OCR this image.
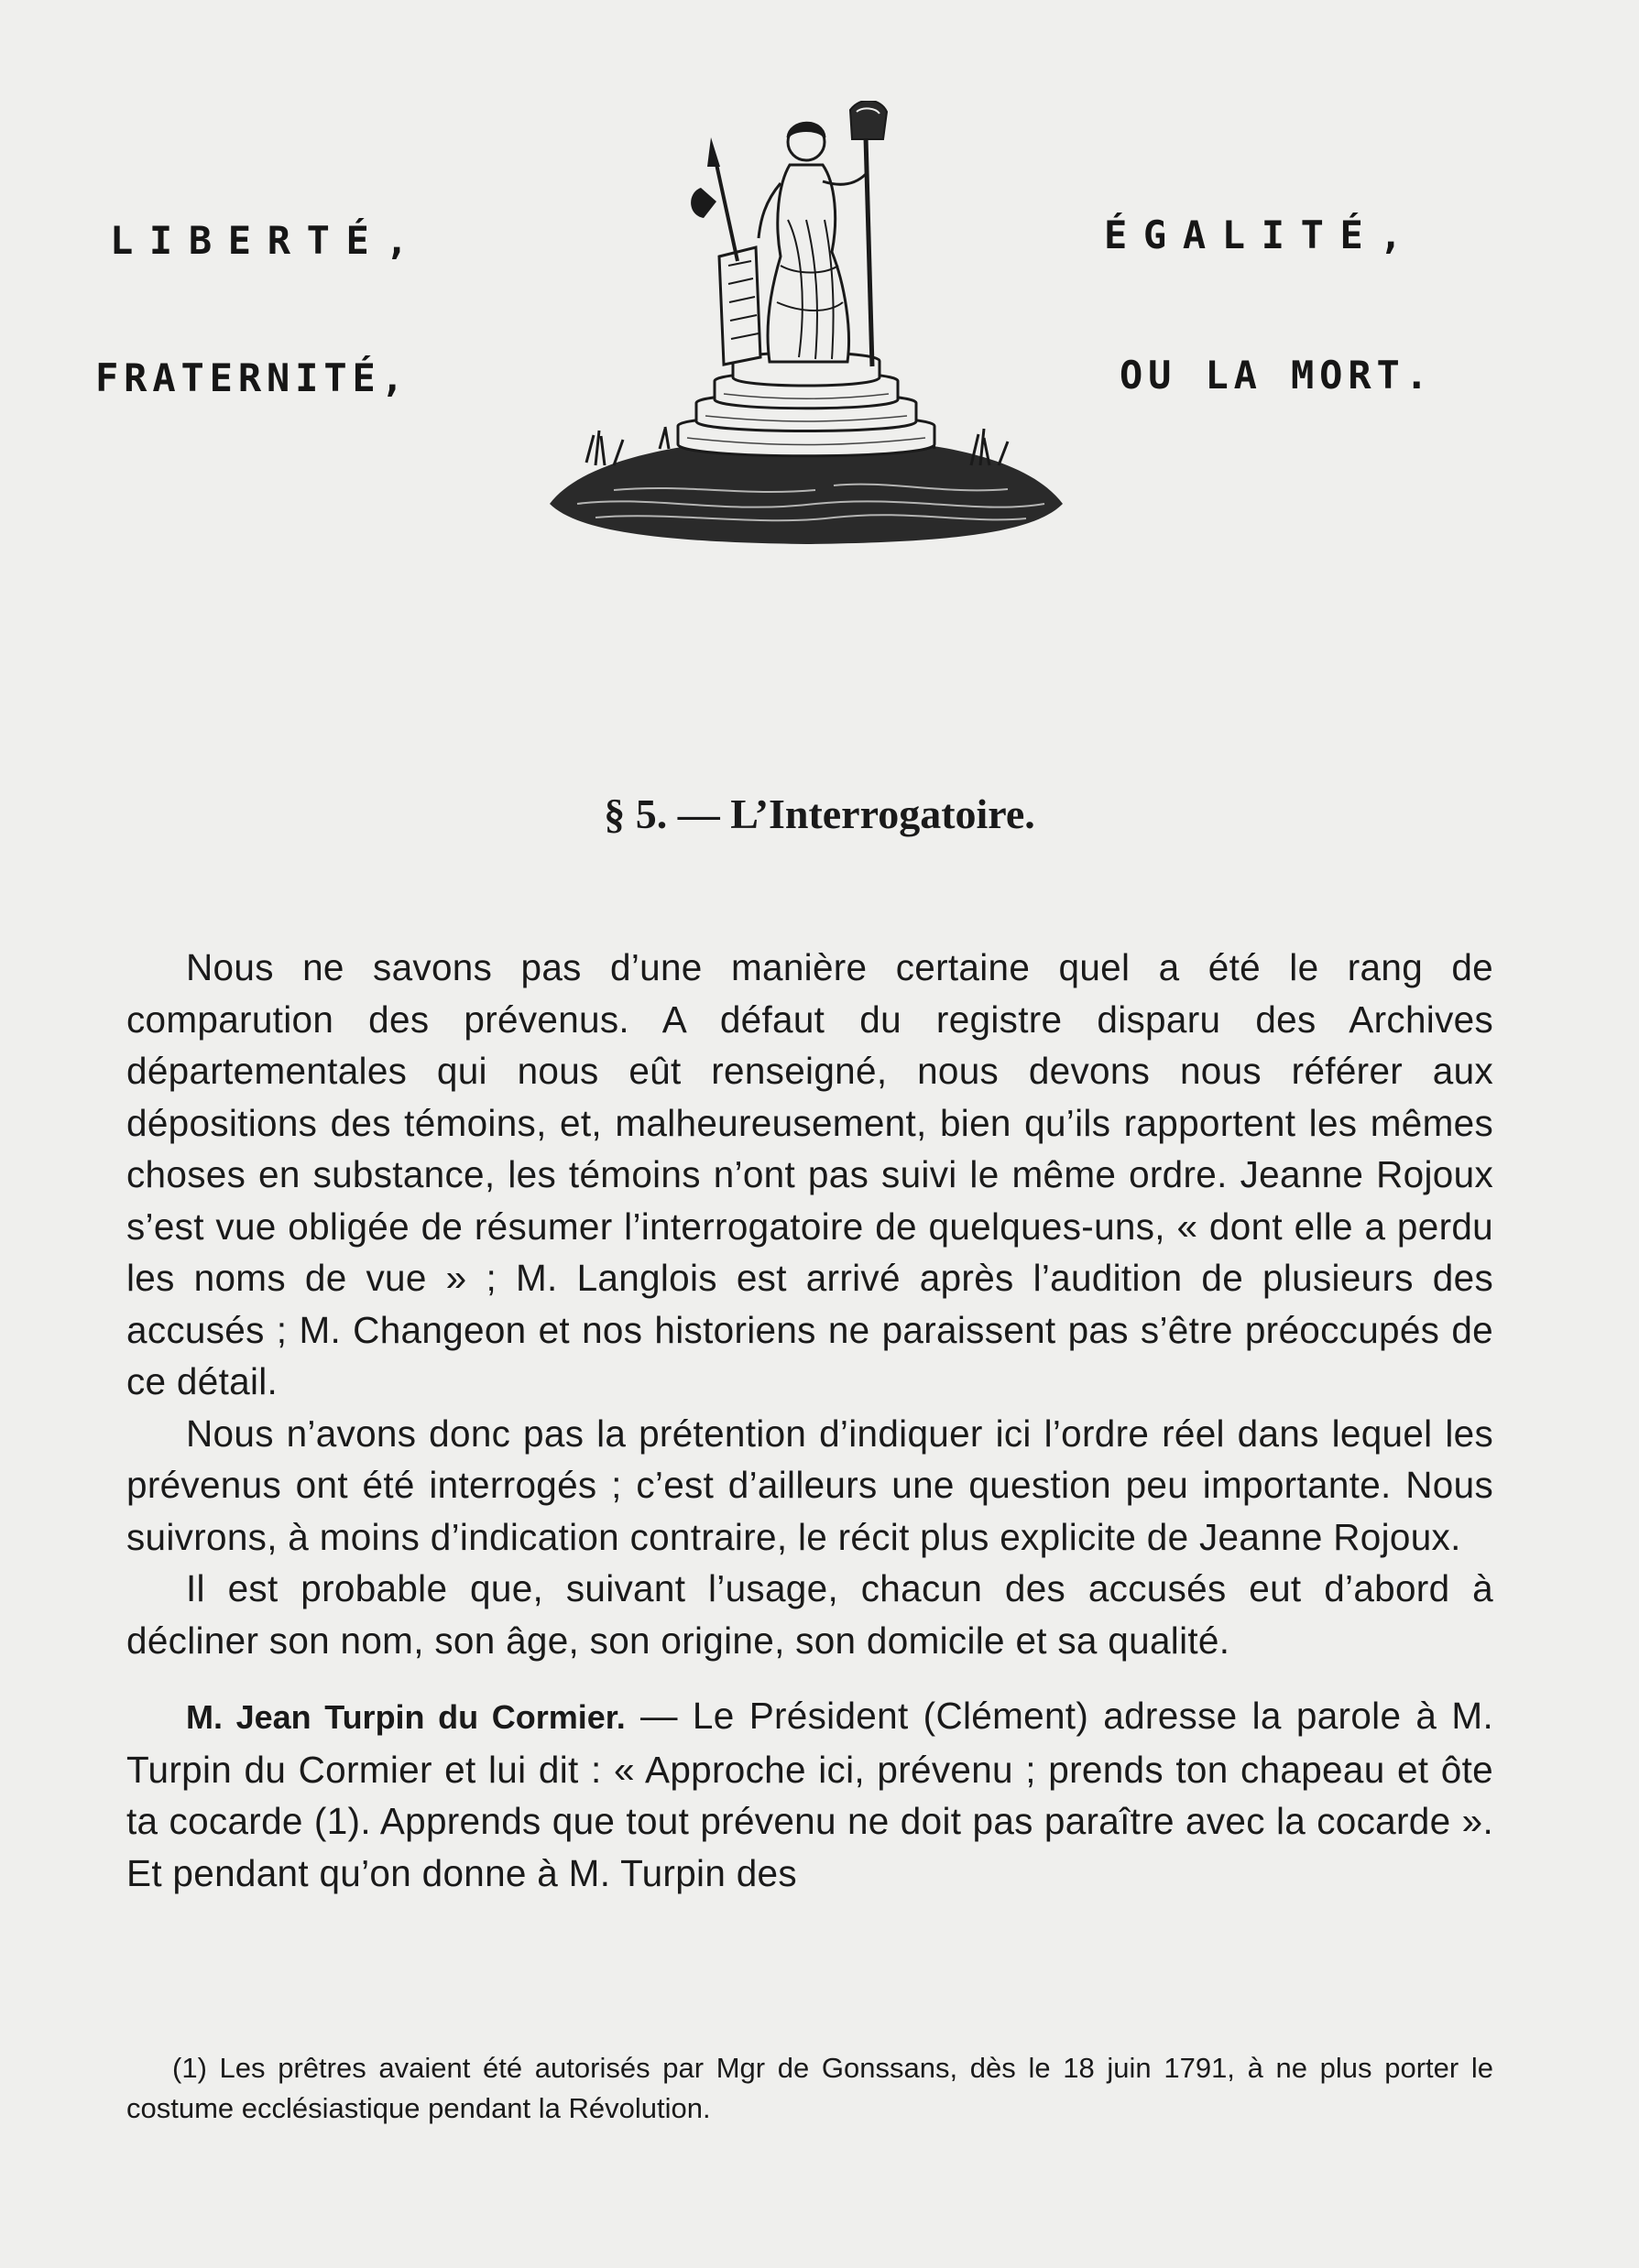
LIBERTÉ,	ÉGALITÉ,
FRATERNITÉ,	OU LA MORT.
§ 5. — L’Interrogatoire.

Nous ne savons pas d’une manière certaine quel a été le rang de comparution des prévenus. A défaut du registre disparu des Archives départementales qui nous eût renseigné, nous devons nous référer aux dépositions des témoins, et, malheureusement, bien qu’ils rapportent les mêmes choses en substance, les témoins n’ont pas suivi le même ordre. Jeanne Rojoux s’est vue obligée de résumer l’interrogatoire de quelques-uns, « dont elle a perdu les noms de vue » ; M. Langlois est arrivé après l’audition de plusieurs des accusés ; M. Changeon et nos historiens ne paraissent pas s’être préoccupés de ce détail.

Nous n’avons donc pas la prétention d’indiquer ici l’ordre réel dans lequel les prévenus ont été interrogés ; c’est d’ailleurs une question peu importante. Nous suivrons, à moins d’indication contraire, le récit plus explicite de Jeanne Rojoux.

Il est probable que, suivant l’usage, chacun des accusés eut d’abord à décliner son nom, son âge, son origine, son domicile et sa qualité.

M. Jean Turpin du Cormier. — Le Président (Clément) adresse la parole à M. Turpin du Cormier et lui dit : « Approche ici, prévenu ; prends ton chapeau et ôte ta cocarde (1). Apprends que tout prévenu ne doit pas paraître avec la cocarde ». Et pendant qu’on donne à M. Turpin des

(1) Les prêtres avaient été autorisés par Mgr de Gonssans, dès le 18 juin 1791, à ne plus porter le costume ecclésiastique pendant la Révolution.
